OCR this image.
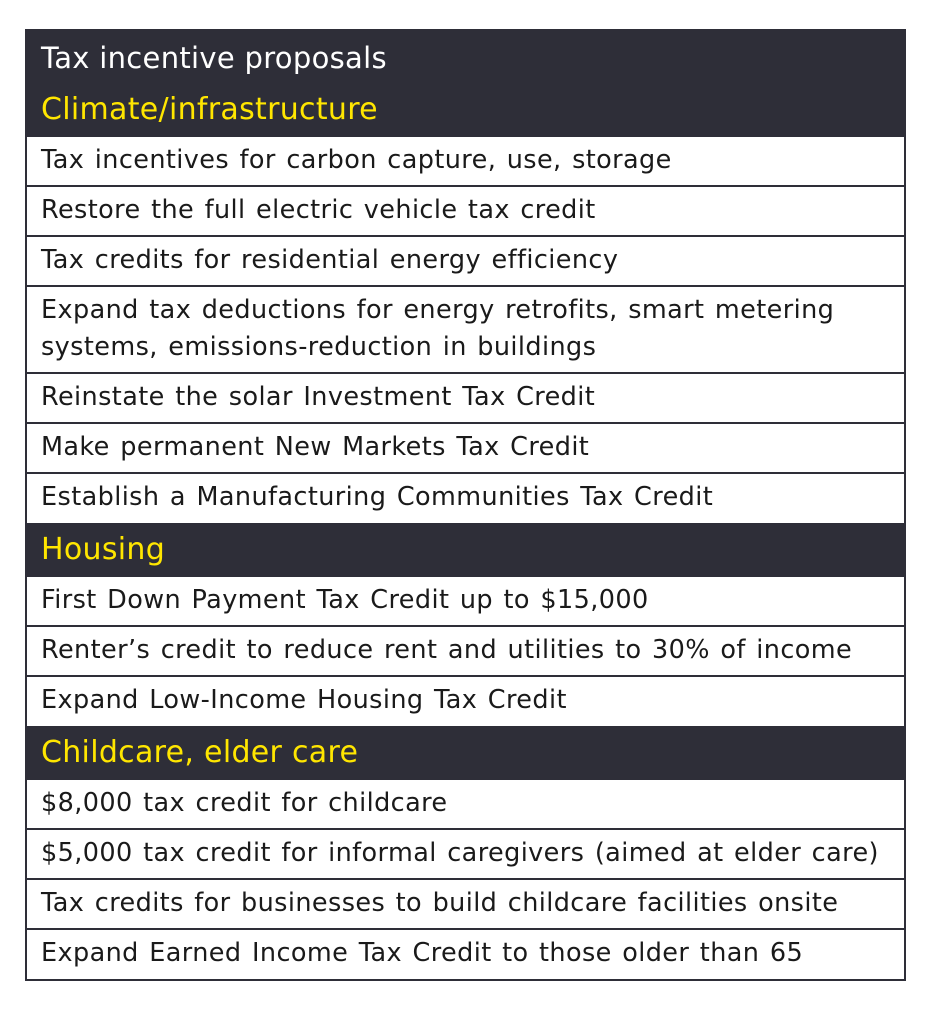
Tax incentive proposals
Climate/infrastructure
Tax incentives for carbon capture, use, storage
Restore the full electric vehicle tax credit
Tax credits for residential energy efficiency
Expand tax deductions for energy retrofits, smart metering systems, emissions-reduction in buildings
Reinstate the solar Investment Tax Credit
Make permanent New Markets Tax Credit
Establish a Manufacturing Communities Tax Credit
Housing
First Down Payment Tax Credit up to $15,000
Renter’s credit to reduce rent and utilities to 30% of income
Expand Low-Income Housing Tax Credit
Childcare, elder care
$8,000 tax credit for childcare
$5,000 tax credit for informal caregivers (aimed at elder care)
Tax credits for businesses to build childcare facilities onsite
Expand Earned Income Tax Credit to those older than 65
